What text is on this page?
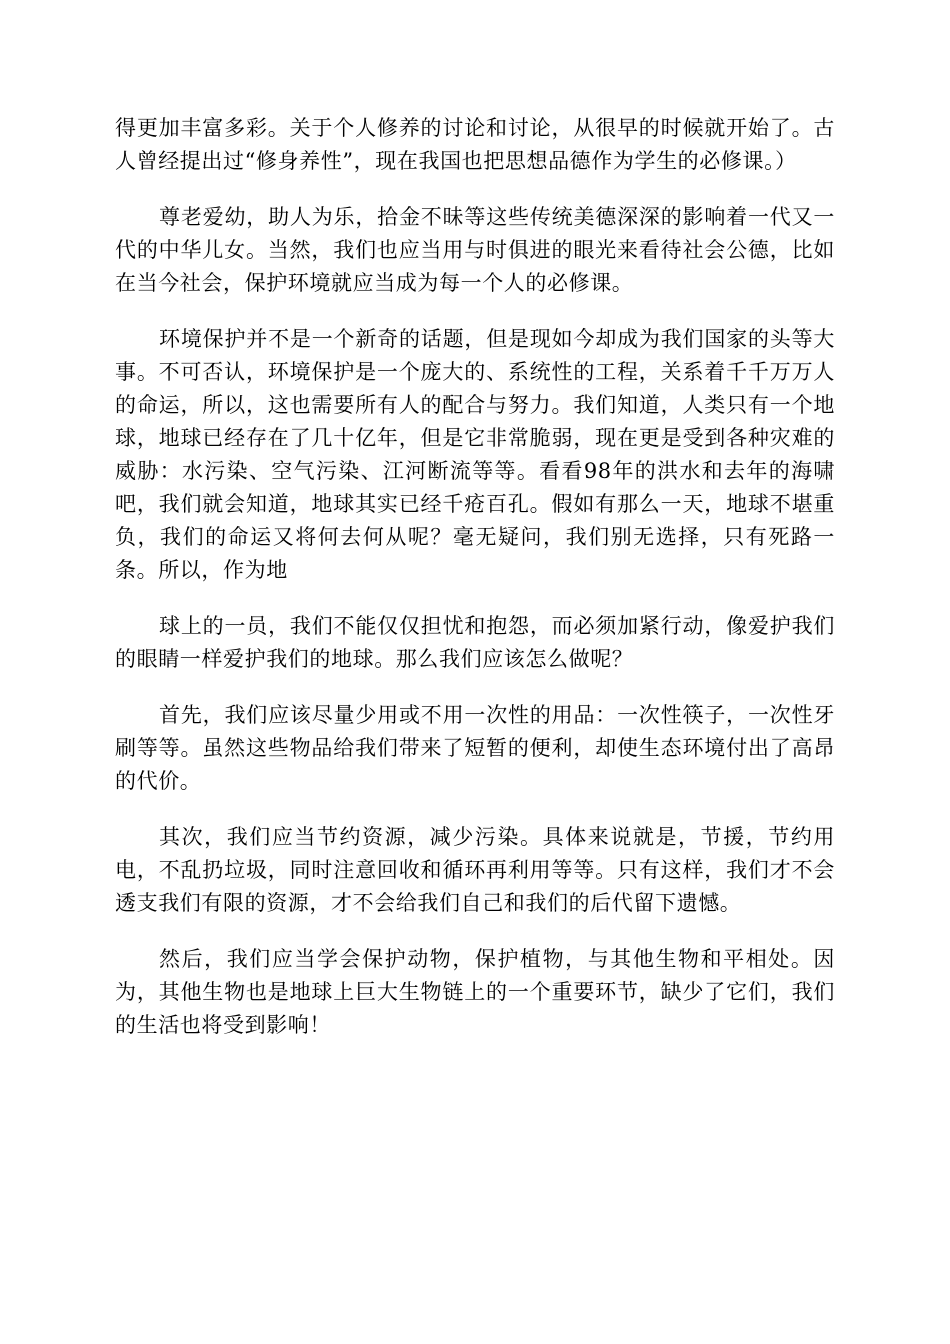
得更加丰富多彩。关于个人修养的讨论和讨论，从很早的时候就开始了。古人曾经提出过“修身养性”，现在我国也把思想品德作为学生的必修课。）

尊老爱幼，助人为乐，拾金不昧等这些传统美德深深的影响着一代又一代的中华儿女。当然，我们也应当用与时俱进的眼光来看待社会公德，比如在当今社会，保护环境就应当成为每一个人的必修课。

环境保护并不是一个新奇的话题，但是现如今却成为我们国家的头等大事。不可否认，环境保护是一个庞大的、系统性的工程，关系着千千万万人的命运，所以，这也需要所有人的配合与努力。我们知道，人类只有一个地球，地球已经存在了几十亿年，但是它非常脆弱，现在更是受到各种灾难的威胁：水污染、空气污染、江河断流等等。看看98年的洪水和去年的海啸吧，我们就会知道，地球其实已经千疮百孔。假如有那么一天，地球不堪重负，我们的命运又将何去何从呢？毫无疑问，我们别无选择，只有死路一条。所以，作为地

球上的一员，我们不能仅仅担忧和抱怨，而必须加紧行动，像爱护我们的眼睛一样爱护我们的地球。那么我们应该怎么做呢？

首先，我们应该尽量少用或不用一次性的用品：一次性筷子，一次性牙刷等等。虽然这些物品给我们带来了短暂的便利，却使生态环境付出了高昂的代价。

其次，我们应当节约资源，减少污染。具体来说就是，节援，节约用电，不乱扔垃圾，同时注意回收和循环再利用等等。只有这样，我们才不会透支我们有限的资源，才不会给我们自己和我们的后代留下遗憾。

然后，我们应当学会保护动物，保护植物，与其他生物和平相处。因为，其他生物也是地球上巨大生物链上的一个重要环节，缺少了它们，我们的生活也将受到影响！
